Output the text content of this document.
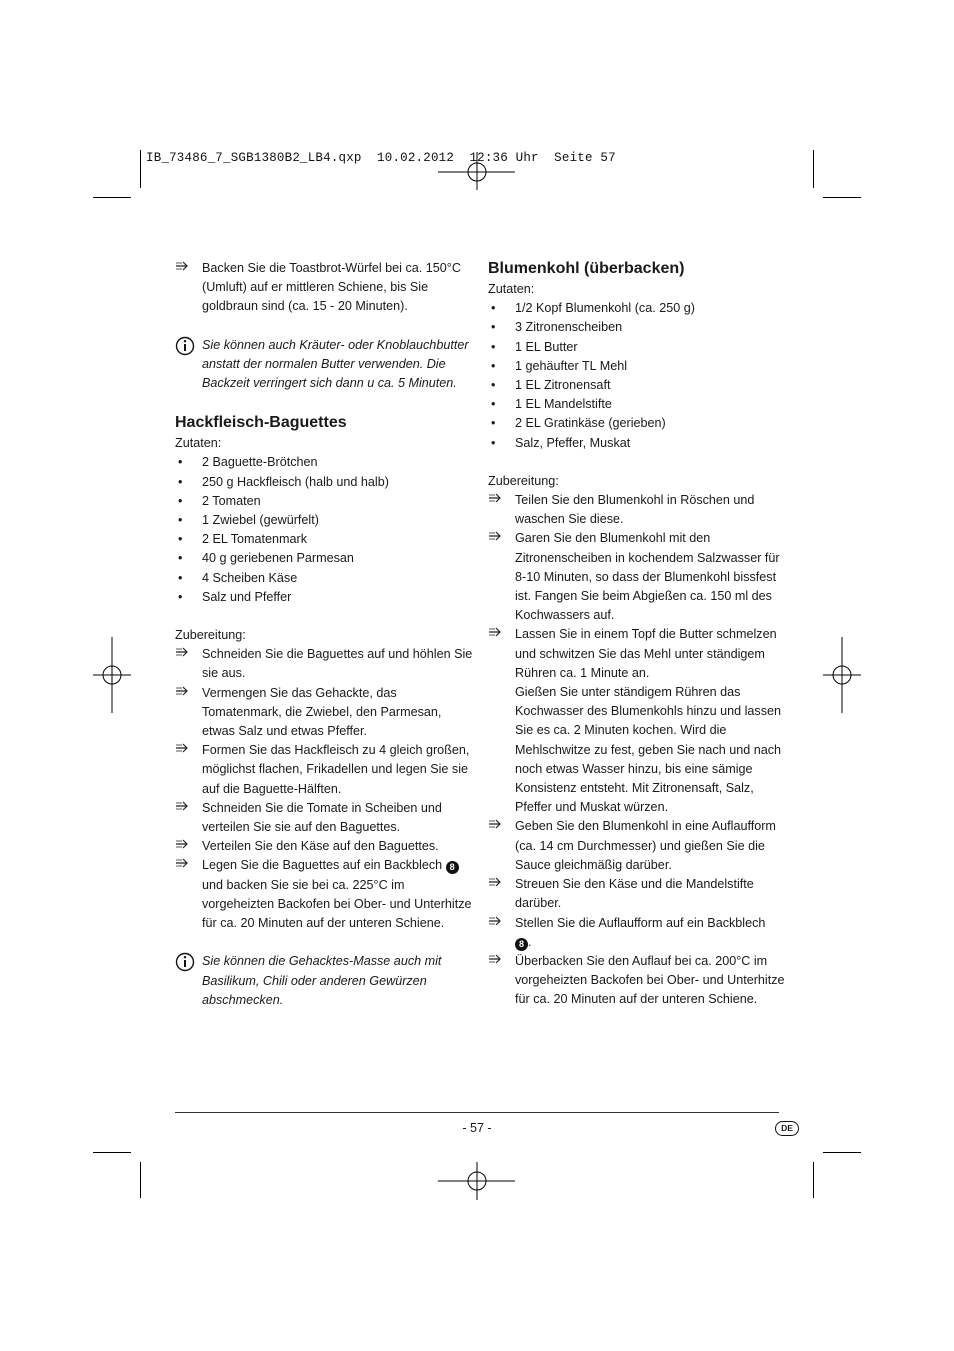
IB_73486_7_SGB1380B2_LB4.qxp  10.02.2012  12:36 Uhr  Seite 57
Backen Sie die Toastbrot-Würfel bei ca. 150°C (Umluft) auf er mittleren Schiene, bis Sie goldbraun sind (ca. 15 - 20 Minuten).
Sie können auch Kräuter- oder Knoblauchbutter anstatt der normalen Butter verwenden. Die Backzeit verringert sich dann u ca. 5 Minuten.
Hackfleisch-Baguettes
Zutaten:
•	2 Baguette-Brötchen
•	250 g Hackfleisch (halb und halb)
•	2 Tomaten
•	1 Zwiebel (gewürfelt)
•	2 EL Tomatenmark
•	40 g geriebenen Parmesan
•	4 Scheiben Käse
•	Salz und Pfeffer
Zubereitung:
Schneiden Sie die Baguettes auf und höhlen Sie sie aus.
Vermengen Sie das Gehackte, das Tomatenmark, die Zwiebel, den Parmesan, etwas Salz und etwas Pfeffer.
Formen Sie das Hackfleisch zu 4 gleich großen, möglichst flachen, Frikadellen und legen Sie sie auf die Baguette-Hälften.
Schneiden Sie die Tomate in Scheiben und verteilen Sie sie auf den Baguettes.
Verteilen Sie den Käse auf den Baguettes.
Legen Sie die Baguettes auf ein Backblech 8 und backen Sie sie bei ca. 225°C im vorgeheizten Backofen bei Ober- und Unterhitze für ca. 20 Minuten auf der unteren Schiene.
Sie können die Gehacktes-Masse auch mit Basilikum, Chili oder anderen Gewürzen abschmecken.
Blumenkohl (überbacken)
Zutaten:
•	1/2 Kopf Blumenkohl (ca. 250 g)
•	3 Zitronenscheiben
•	1 EL Butter
•	1 gehäufter TL Mehl
•	1 EL Zitronensaft
•	1 EL Mandelstifte
•	2 EL Gratinkäse (gerieben)
•	Salz, Pfeffer, Muskat
Zubereitung:
Teilen Sie den Blumenkohl in Röschen und waschen Sie diese.
Garen Sie den Blumenkohl mit den Zitronenscheiben in kochendem Salzwasser für 8-10 Minuten, so dass der Blumenkohl bissfest ist. Fangen Sie beim Abgießen ca. 150 ml des Kochwassers auf.
Lassen Sie in einem Topf die Butter schmelzen und schwitzen Sie das Mehl unter ständigem Rühren ca. 1 Minute an.
Gießen Sie unter ständigem Rühren das Kochwasser des Blumenkohls hinzu und lassen Sie es ca. 2 Minuten kochen. Wird die Mehlschwitze zu fest, geben Sie nach und nach noch etwas Wasser hinzu, bis eine sämige Konsistenz entsteht. Mit Zitronensaft, Salz, Pfeffer und Muskat würzen.
Geben Sie den Blumenkohl in eine Auflaufform (ca. 14 cm Durchmesser) und gießen Sie die Sauce gleichmäßig darüber.
Streuen Sie den Käse und die Mandelstifte darüber.
Stellen Sie die Auflaufform auf ein Backblech
8 .
Überbacken Sie den Auflauf bei ca. 200°C im vorgeheizten Backofen bei Ober- und Unterhitze für ca. 20 Minuten auf der unteren Schiene.
- 57 -	DE
